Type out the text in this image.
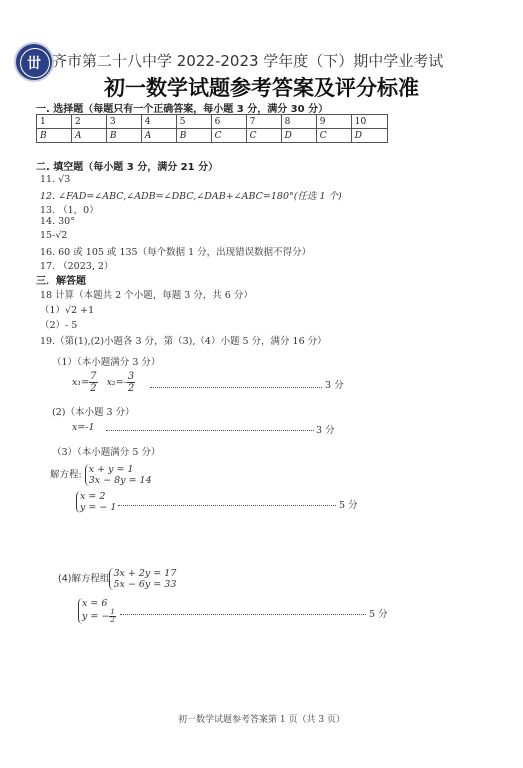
丗 齐市第二十八中学 2022-2023 学年度（下）期中学业考试
初一数学试题参考答案及评分标准
一. 选择题（每题只有一个正确答案，每小题 3 分，满分 30 分）
1	2	3	4	5	6	7	8	9	10
B	A	B	A	B	C	C	D	C	D
二. 填空题（每小题 3 分，满分 21 分）
11. √3
12. ∠FAD=∠ABC,∠ADB=∠DBC,∠DAB+∠ABC=180°(任选 1 个)
13. （1，0）
14. 30°
15-√2
16. 60 或 105 或 135（每个数据 1 分，出现错误数据不得分）
17. （2023, 2）
三．解答题
18 计算（本题共 2 个小题，每题 3 分，共 6 分）
（1）√2 +1
（2）- 5
19.（第(1),(2)小题各 3 分，第（3),（4）小题 5 分，满分 16 分）
（1）（本小题满分 3 分）
$x_1= \frac{7}{2} x_2=- \frac{3}{2}$	3 分
(2)（本小题 3 分）
x=-1	3 分
（3）（本小题满分 5 分）
解方程: x + y = 1
3x − 8y = 14
x = 2
y = − 1	5 分
(4)解方程组 3x + 2y = 17
5x − 6y = 33
x = 6
y = − $\frac{1}{2}$	5 分
初一数学试题参考答案第 1 页（共 3 页）
